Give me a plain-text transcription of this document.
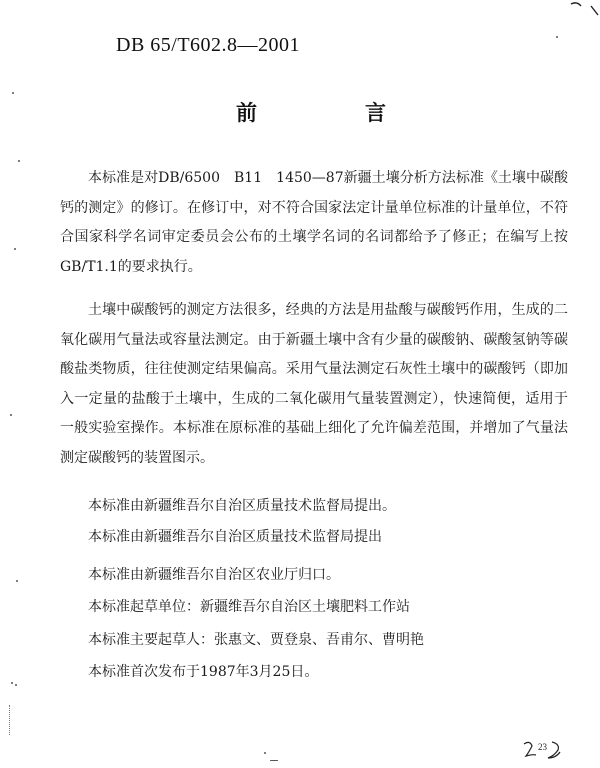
DB 65/T602.8—2001
前	言

本标准是对DB/6500　B11　1450—87新疆土壤分析方法标准《土壤中碳酸钙的测定》的修订。在修订中，对不符合国家法定计量单位标准的计量单位，不符合国家科学名词审定委员会公布的土壤学名词的名词都给予了修正；在编写上按GB/T1.1的要求执行。

土壤中碳酸钙的测定方法很多，经典的方法是用盐酸与碳酸钙作用，生成的二氧化碳用气量法或容量法测定。由于新疆土壤中含有少量的碳酸钠、碳酸氢钠等碳酸盐类物质，往往使测定结果偏高。采用气量法测定石灰性土壤中的碳酸钙（即加入一定量的盐酸于土壤中，生成的二氧化碳用气量装置测定），快速简便，适用于一般实验室操作。本标准在原标准的基础上细化了允许偏差范围，并增加了气量法测定碳酸钙的装置图示。

本标准由新疆维吾尔自治区质量技术监督局提出。
本标准由新疆维吾尔自治区质量技术监督局提出
本标准由新疆维吾尔自治区农业厅归口。
本标准起草单位：新疆维吾尔自治区土壤肥料工作站
本标准主要起草人：张惠文、贾登泉、吾甫尔、曹明艳
本标准首次发布于1987年3月25日。
23
